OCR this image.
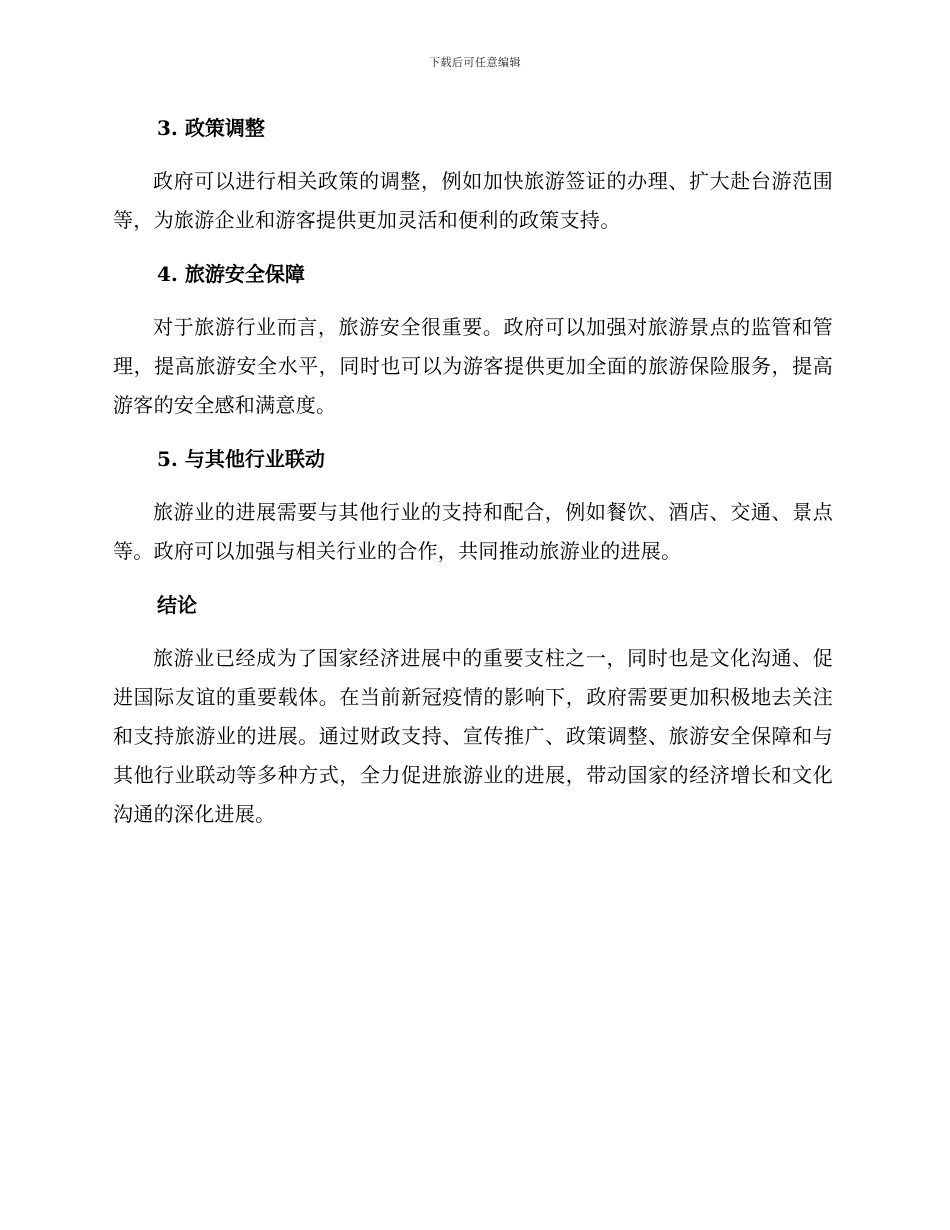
下载后可任意编辑
3. 政策调整

政府可以进行相关政策的调整，例如加快旅游签证的办理、扩大赴台游范围等，为旅游企业和游客提供更加灵活和便利的政策支持。

4. 旅游安全保障

对于旅游行业而言，旅游安全很重要。政府可以加强对旅游景点的监管和管理，提高旅游安全水平，同时也可以为游客提供更加全面的旅游保险服务，提高游客的安全感和满意度。

5. 与其他行业联动

旅游业的进展需要与其他行业的支持和配合，例如餐饮、酒店、交通、景点等。政府可以加强与相关行业的合作，共同推动旅游业的进展。

结论

旅游业已经成为了国家经济进展中的重要支柱之一，同时也是文化沟通、促进国际友谊的重要载体。在当前新冠疫情的影响下，政府需要更加积极地去关注和支持旅游业的进展。通过财政支持、宣传推广、政策调整、旅游安全保障和与其他行业联动等多种方式，全力促进旅游业的进展，带动国家的经济增长和文化沟通的深化进展。
